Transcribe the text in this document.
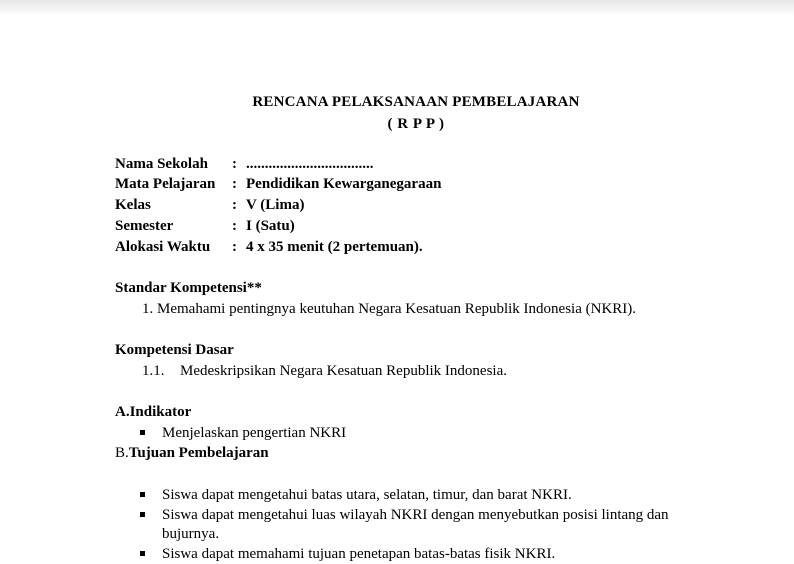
RENCANA PELAKSANAAN PEMBELAJARAN
( R P P )
Nama Sekolah : ..................................
Mata Pelajaran : Pendidikan Kewarganegaraan
Kelas	: V (Lima)
Semester	: I (Satu)
Alokasi Waktu : 4 x 35 menit (2 pertemuan).
Standar Kompetensi**
1. Memahami pentingnya keutuhan Negara Kesatuan Republik Indonesia (NKRI).
Kompetensi Dasar
1.1. Medeskripsikan Negara Kesatuan Republik Indonesia.
A.Indikator
Menjelaskan pengertian NKRI
B.Tujuan Pembelajaran
Siswa dapat mengetahui batas utara, selatan, timur, dan barat NKRI.
Siswa dapat mengetahui luas wilayah NKRI dengan menyebutkan posisi lintang dan
bujurnya.
Siswa dapat memahami tujuan penetapan batas-batas fisik NKRI.
